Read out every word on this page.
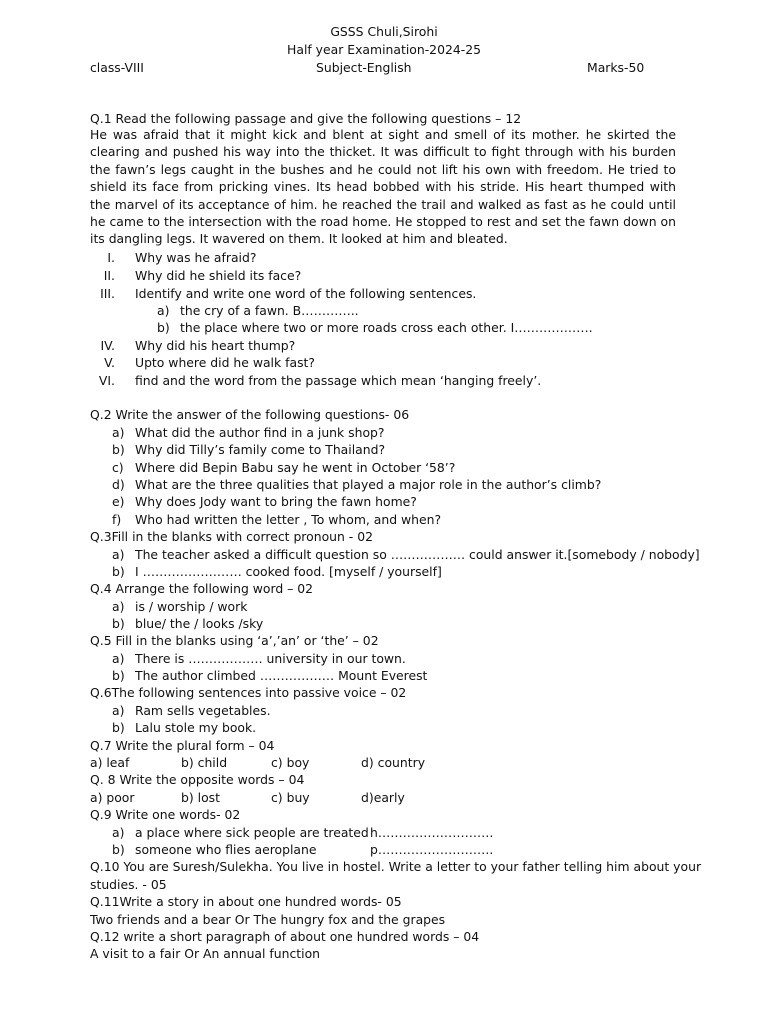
GSSS Chuli,Sirohi
Half year Examination-2024-25
class-VIII	Subject-English	Marks-50
Q.1 Read the following passage and give the following questions – 12
He was afraid that it might kick and blent at sight and smell of its mother. he skirted the clearing and pushed his way into the thicket. It was difficult to fight through with his burden the fawn’s legs caught in the bushes and he could not lift his own with freedom. He tried to shield its face from pricking vines. Its head bobbed with his stride. His heart thumped with the marvel of its acceptance of him. he reached the trail and walked as fast as he could until he came to the intersection with the road home. He stopped to rest and set the fawn down on its dangling legs. It wavered on them. It looked at him and bleated.
I. Why was he afraid?
II. Why did he shield its face?
III. Identify and write one word of the following sentences.
a) the cry of a fawn. B…………..
b) the place where two or more roads cross each other. I……………….
IV. Why did his heart thump?
V. Upto where did he walk fast?
VI. find and the word from the passage which mean ‘hanging freely’.
Q.2 Write the answer of the following questions- 06
a) What did the author find in a junk shop?
b) Why did Tilly’s family come to Thailand?
c) Where did Bepin Babu say he went in October ‘58’?
d) What are the three qualities that played a major role in the author’s climb?
e) Why does Jody want to bring the fawn home?
f) Who had written the letter , To whom, and when?
Q.3Fill in the blanks with correct pronoun - 02
a) The teacher asked a difficult question so ……………… could answer it.[somebody / nobody]
b) I …………………… cooked food. [myself / yourself]
Q.4 Arrange the following word – 02
a) is / worship / work
b) blue/ the / looks /sky
Q.5 Fill in the blanks using ‘a’,’an’ or ‘the’ – 02
a) There is ……………… university in our town.
b) The author climbed ……………… Mount Everest
Q.6The following sentences into passive voice – 02
a) Ram sells vegetables.
b) Lalu stole my book.
Q.7 Write the plural form – 04
a) leaf	b) child	c) boy	d) country
Q. 8 Write the opposite words – 04
a) poor	b) lost	c) buy	d)early
Q.9 Write one words- 02
a) a place where sick people are treated h……………………….
b) someone who flies aeroplane	p……………………….
Q.10 You are Suresh/Sulekha. You live in hostel. Write a letter to your father telling him about your
studies. - 05
Q.11Write a story in about one hundred words- 05
Two friends and a bear Or The hungry fox and the grapes
Q.12 write a short paragraph of about one hundred words – 04
A visit to a fair Or An annual function
